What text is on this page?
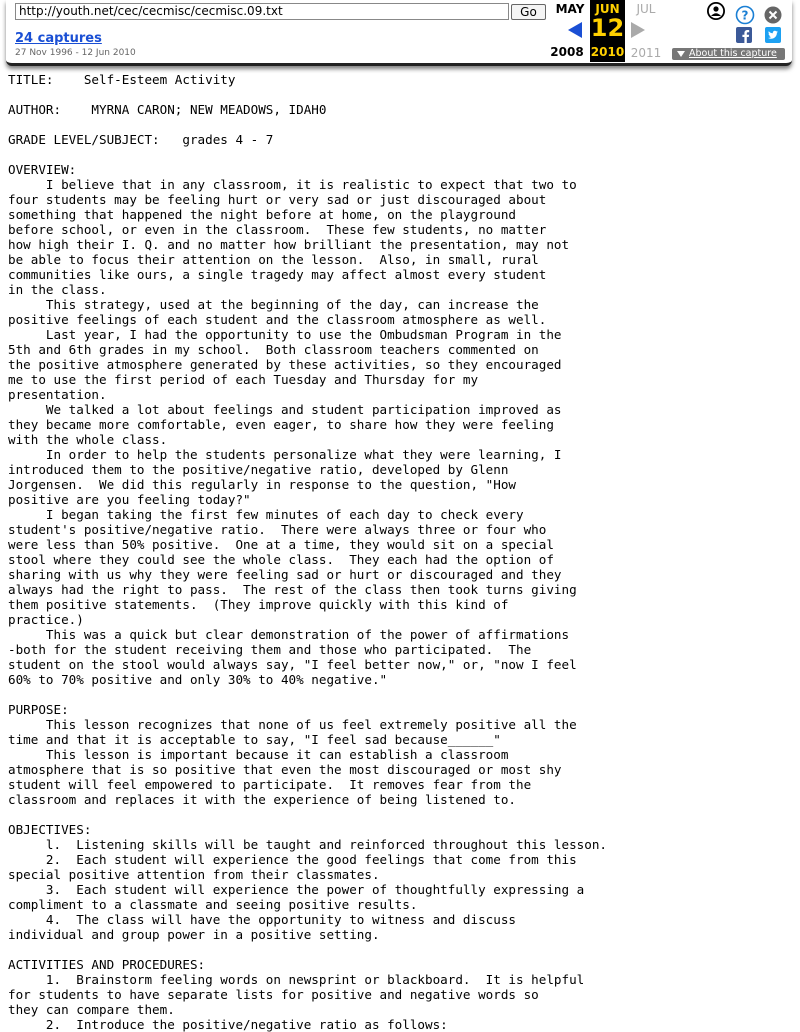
http://youth.net/cec/cecmisc/cecmisc.09.txt	Go
24 captures
27 Nov 1996 - 12 Jun 2010
MAY	JUL
JUN
12
2010
2008	2011
?
About this capture
TITLE:    Self-Esteem Activity

AUTHOR:    MYRNA CARON; NEW MEADOWS, IDAH0

GRADE LEVEL/SUBJECT:   grades 4 - 7

OVERVIEW:
I believe that in any classroom, it is realistic to expect that two to
four students may be feeling hurt or very sad or just discouraged about
something that happened the night before at home, on the playground
before school, or even in the classroom.  These few students, no matter
how high their I. Q. and no matter how brilliant the presentation, may not
be able to focus their attention on the lesson.  Also, in small, rural
communities like ours, a single tragedy may affect almost every student
in the class.
This strategy, used at the beginning of the day, can increase the
positive feelings of each student and the classroom atmosphere as well.
Last year, I had the opportunity to use the Ombudsman Program in the
5th and 6th grades in my school.  Both classroom teachers commented on
the positive atmosphere generated by these activities, so they encouraged
me to use the first period of each Tuesday and Thursday for my
presentation.
We talked a lot about feelings and student participation improved as
they became more comfortable, even eager, to share how they were feeling
with the whole class.
In order to help the students personalize what they were learning, I
introduced them to the positive/negative ratio, developed by Glenn
Jorgensen.  We did this regularly in response to the question, "How
positive are you feeling today?"
I began taking the first few minutes of each day to check every
student's positive/negative ratio.  There were always three or four who
were less than 50% positive.  One at a time, they would sit on a special
stool where they could see the whole class.  They each had the option of
sharing with us why they were feeling sad or hurt or discouraged and they
always had the right to pass.  The rest of the class then took turns giving
them positive statements.  (They improve quickly with this kind of
practice.)
This was a quick but clear demonstration of the power of affirmations
-both for the student receiving them and those who participated.  The
student on the stool would always say, "I feel better now," or, "now I feel
60% to 70% positive and only 30% to 40% negative."

PURPOSE:
This lesson recognizes that none of us feel extremely positive all the
time and that it is acceptable to say, "I feel sad because______"
This lesson is important because it can establish a classroom
atmosphere that is so positive that even the most discouraged or most shy
student will feel empowered to participate.  It removes fear from the
classroom and replaces it with the experience of being listened to.

OBJECTIVES:
l.  Listening skills will be taught and reinforced throughout this lesson.
2.  Each student will experience the good feelings that come from this
special positive attention from their classmates.
3.  Each student will experience the power of thoughtfully expressing a
compliment to a classmate and seeing positive results.
4.  The class will have the opportunity to witness and discuss
individual and group power in a positive setting.

ACTIVITIES AND PROCEDURES:
1.  Brainstorm feeling words on newsprint or blackboard.  It is helpful
for students to have separate lists for positive and negative words so
they can compare them.
2.  Introduce the positive/negative ratio as follows:
